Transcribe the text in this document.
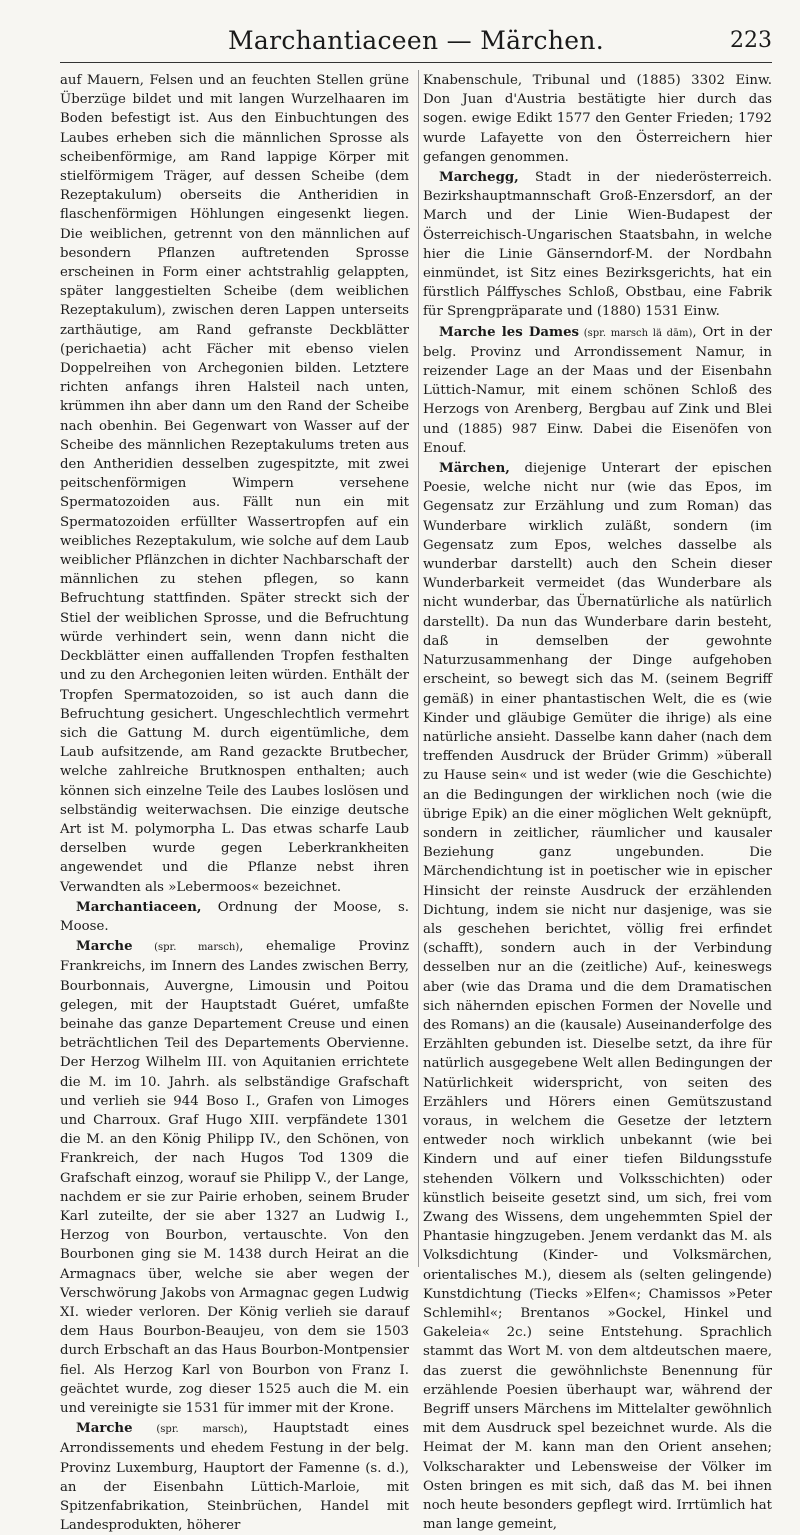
Marchantiaceen — Märchen.	223

auf Mauern, Felsen und an feuchten Stellen grüne Überzüge bildet und mit langen Wurzelhaaren im Boden befestigt ist. Aus den Einbuchtungen des Laubes erheben sich die männlichen Sprosse als scheibenförmige, am Rand lappige Körper mit stielförmigem Träger, auf dessen Scheibe (dem Rezeptakulum) oberseits die Antheridien in flaschenförmigen Höhlungen eingesenkt liegen. Die weiblichen, getrennt von den männlichen auf besondern Pflanzen auftretenden Sprosse erscheinen in Form einer achtstrahlig gelappten, später langgestielten Scheibe (dem weiblichen Rezeptakulum), zwischen deren Lappen unterseits zarthäutige, am Rand gefranste Deckblätter (perichaetia) acht Fächer mit ebenso vielen Doppelreihen von Archegonien bilden. Letztere richten anfangs ihren Halsteil nach unten, krümmen ihn aber dann um den Rand der Scheibe nach obenhin. Bei Gegenwart von Wasser auf der Scheibe des männlichen Rezeptakulums treten aus den Antheridien desselben zugespitzte, mit zwei peitschenförmigen Wimpern versehene Spermatozoiden aus. Fällt nun ein mit Spermatozoiden erfüllter Wassertropfen auf ein weibliches Rezeptakulum, wie solche auf dem Laub weiblicher Pflänzchen in dichter Nachbarschaft der männlichen zu stehen pflegen, so kann Befruchtung stattfinden. Später streckt sich der Stiel der weiblichen Sprosse, und die Befruchtung würde verhindert sein, wenn dann nicht die Deckblätter einen auffallenden Tropfen festhalten und zu den Archegonien leiten würden. Enthält der Tropfen Spermatozoiden, so ist auch dann die Befruchtung gesichert. Ungeschlechtlich vermehrt sich die Gattung M. durch eigentümliche, dem Laub aufsitzende, am Rand gezackte Brutbecher, welche zahlreiche Brutknospen enthalten; auch können sich einzelne Teile des Laubes loslösen und selbständig weiterwachsen. Die einzige deutsche Art ist M. polymorpha L. Das etwas scharfe Laub derselben wurde gegen Leberkrankheiten angewendet und die Pflanze nebst ihren Verwandten als »Lebermoos« bezeichnet.

Marchantiaceen, Ordnung der Moose, s. Moose.

Marche (spr. marsch), ehemalige Provinz Frankreichs, im Innern des Landes zwischen Berry, Bourbonnais, Auvergne, Limousin und Poitou gelegen, mit der Hauptstadt Guéret, umfaßte beinahe das ganze Departement Creuse und einen beträchtlichen Teil des Departements Obervienne. Der Herzog Wilhelm III. von Aquitanien errichtete die M. im 10. Jahrh. als selbständige Grafschaft und verlieh sie 944 Boso I., Grafen von Limoges und Charroux. Graf Hugo XIII. verpfändete 1301 die M. an den König Philipp IV., den Schönen, von Frankreich, der nach Hugos Tod 1309 die Grafschaft einzog, worauf sie Philipp V., der Lange, nachdem er sie zur Pairie erhoben, seinem Bruder Karl zuteilte, der sie aber 1327 an Ludwig I., Herzog von Bourbon, vertauschte. Von den Bourbonen ging sie M. 1438 durch Heirat an die Armagnacs über, welche sie aber wegen der Verschwörung Jakobs von Armagnac gegen Ludwig XI. wieder verloren. Der König verlieh sie darauf dem Haus Bourbon-Beaujeu, von dem sie 1503 durch Erbschaft an das Haus Bourbon-Montpensier fiel. Als Herzog Karl von Bourbon von Franz I. geächtet wurde, zog dieser 1525 auch die M. ein und vereinigte sie 1531 für immer mit der Krone.

Marche (spr. marsch), Hauptstadt eines Arrondissements und ehedem Festung in der belg. Provinz Luxemburg, Hauptort der Famenne (s. d.), an der Eisenbahn Lüttich-Marloie, mit Spitzenfabrikation, Steinbrüchen, Handel mit Landesprodukten, höherer

Knabenschule, Tribunal und (1885) 3302 Einw. Don Juan d'Austria bestätigte hier durch das sogen. ewige Edikt 1577 den Genter Frieden; 1792 wurde Lafayette von den Österreichern hier gefangen genommen.

Marchegg, Stadt in der niederösterreich. Bezirkshauptmannschaft Groß-Enzersdorf, an der March und der Linie Wien-Budapest der Österreichisch-Ungarischen Staatsbahn, in welche hier die Linie Gänserndorf-M. der Nordbahn einmündet, ist Sitz eines Bezirksgerichts, hat ein fürstlich Pálffysches Schloß, Obstbau, eine Fabrik für Sprengpräparate und (1880) 1531 Einw.

Marche les Dames (spr. marsch lä dām), Ort in der belg. Provinz und Arrondissement Namur, in reizender Lage an der Maas und der Eisenbahn Lüttich-Namur, mit einem schönen Schloß des Herzogs von Arenberg, Bergbau auf Zink und Blei und (1885) 987 Einw. Dabei die Eisenöfen von Enouf.

Märchen, diejenige Unterart der epischen Poesie, welche nicht nur (wie das Epos, im Gegensatz zur Erzählung und zum Roman) das Wunderbare wirklich zuläßt, sondern (im Gegensatz zum Epos, welches dasselbe als wunderbar darstellt) auch den Schein dieser Wunderbarkeit vermeidet (das Wunderbare als nicht wunderbar, das Übernatürliche als natürlich darstellt). Da nun das Wunderbare darin besteht, daß in demselben der gewohnte Naturzusammenhang der Dinge aufgehoben erscheint, so bewegt sich das M. (seinem Begriff gemäß) in einer phantastischen Welt, die es (wie Kinder und gläubige Gemüter die ihrige) als eine natürliche ansieht. Dasselbe kann daher (nach dem treffenden Ausdruck der Brüder Grimm) »überall zu Hause sein« und ist weder (wie die Geschichte) an die Bedingungen der wirklichen noch (wie die übrige Epik) an die einer möglichen Welt geknüpft, sondern in zeitlicher, räumlicher und kausaler Beziehung ganz ungebunden. Die Märchendichtung ist in poetischer wie in epischer Hinsicht der reinste Ausdruck der erzählenden Dichtung, indem sie nicht nur dasjenige, was sie als geschehen berichtet, völlig frei erfindet (schafft), sondern auch in der Verbindung desselben nur an die (zeitliche) Auf-, keineswegs aber (wie das Drama und die dem Dramatischen sich nähernden epischen Formen der Novelle und des Romans) an die (kausale) Auseinanderfolge des Erzählten gebunden ist. Dieselbe setzt, da ihre für natürlich ausgegebene Welt allen Bedingungen der Natürlichkeit widerspricht, von seiten des Erzählers und Hörers einen Gemütszustand voraus, in welchem die Gesetze der letztern entweder noch wirklich unbekannt (wie bei Kindern und auf einer tiefen Bildungsstufe stehenden Völkern und Volksschichten) oder künstlich beiseite gesetzt sind, um sich, frei vom Zwang des Wissens, dem ungehemmten Spiel der Phantasie hingzugeben. Jenem verdankt das M. als Volksdichtung (Kinder- und Volksmärchen, orientalisches M.), diesem als (selten gelingende) Kunstdichtung (Tiecks »Elfen«; Chamissos »Peter Schlemihl«; Brentanos »Gockel, Hinkel und Gakeleia« 2c.) seine Entstehung. Sprachlich stammt das Wort M. von dem altdeutschen maere, das zuerst die gewöhnlichste Benennung für erzählende Poesien überhaupt war, während der Begriff unsers Märchens im Mittelalter gewöhnlich mit dem Ausdruck spel bezeichnet wurde. Als die Heimat der M. kann man den Orient ansehen; Volkscharakter und Lebensweise der Völker im Osten bringen es mit sich, daß das M. bei ihnen noch heute besonders gepflegt wird. Irrtümlich hat man lange gemeint,
